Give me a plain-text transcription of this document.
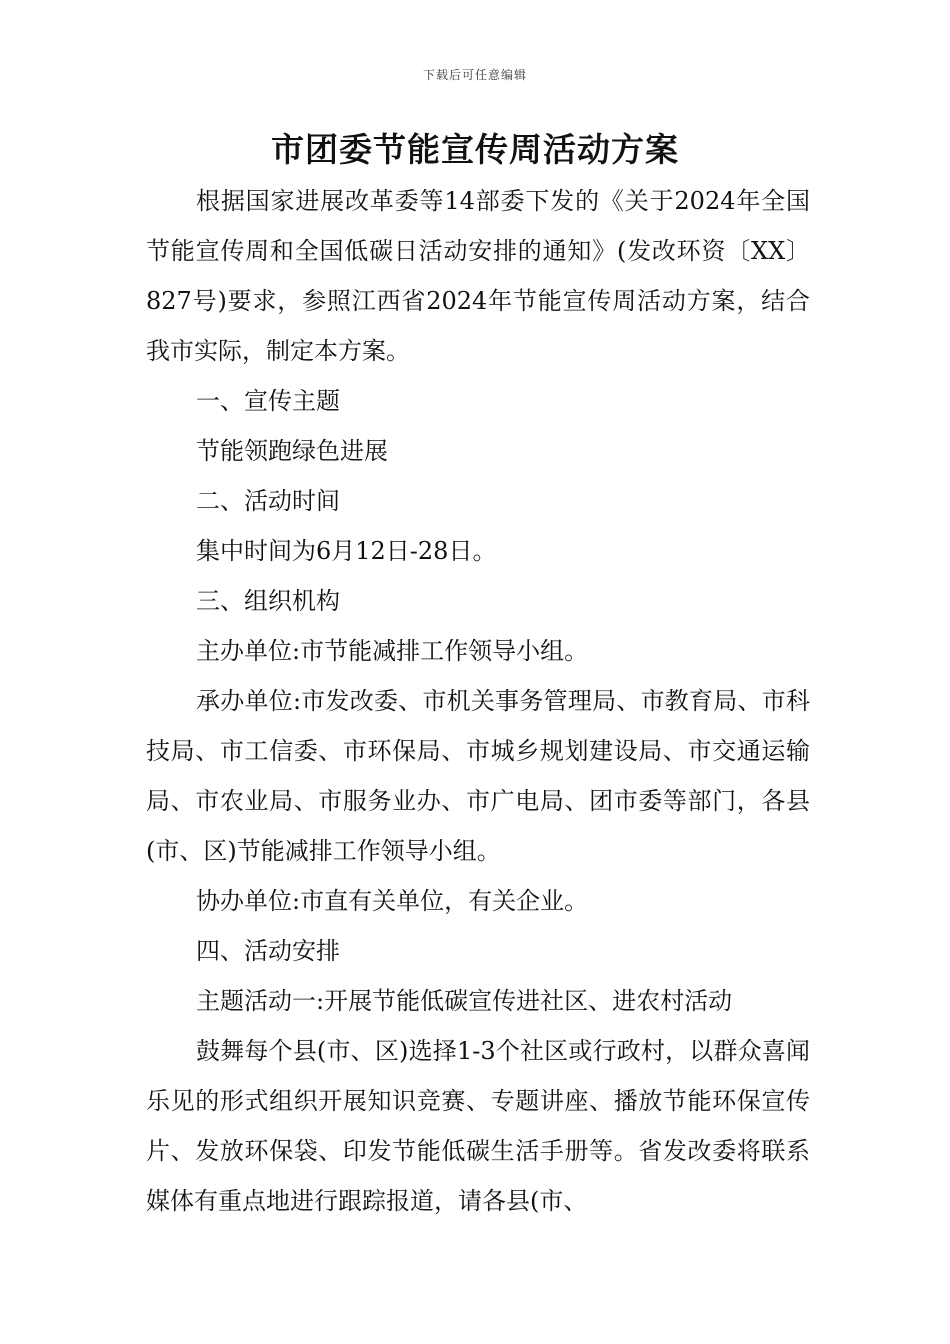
下载后可任意编辑
市团委节能宣传周活动方案

根据国家进展改革委等14部委下发的《关于2024年全国节能宣传周和全国低碳日活动安排的通知》(发改环资〔XX〕827号)要求，参照江西省2024年节能宣传周活动方案，结合我市实际，制定本方案。

一、宣传主题

节能领跑绿色进展

二、活动时间

集中时间为6月12日-28日。

三、组织机构

主办单位:市节能减排工作领导小组。

承办单位:市发改委、市机关事务管理局、市教育局、市科技局、市工信委、市环保局、市城乡规划建设局、市交通运输局、市农业局、市服务业办、市广电局、团市委等部门，各县(市、区)节能减排工作领导小组。

协办单位:市直有关单位，有关企业。

四、活动安排

主题活动一:开展节能低碳宣传进社区、进农村活动

鼓舞每个县(市、区)选择1-3个社区或行政村，以群众喜闻乐见的形式组织开展知识竞赛、专题讲座、播放节能环保宣传片、发放环保袋、印发节能低碳生活手册等。省发改委将联系媒体有重点地进行跟踪报道，请各县(市、
